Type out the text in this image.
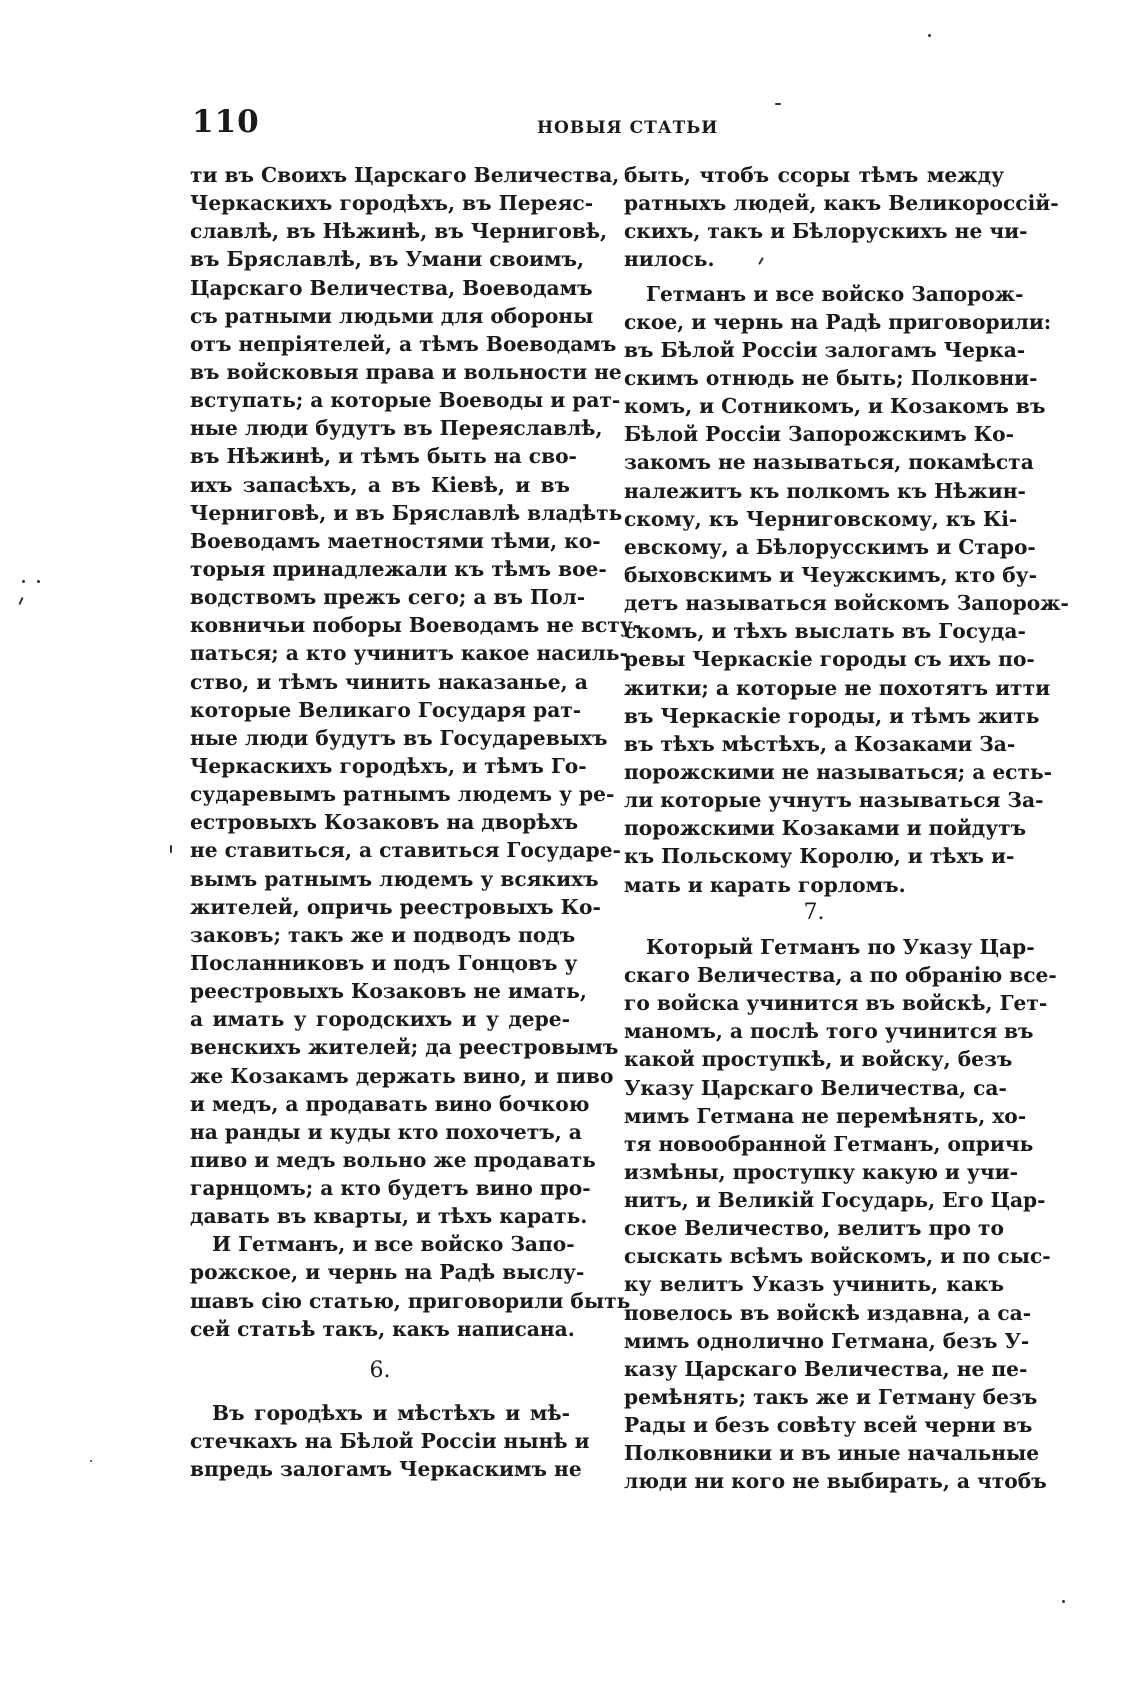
110	НОВЫЯ СТАТЬИ
ти въ Своихъ Царскаго Величества,
Черкаскихъ городѣхъ, въ Переяс-
славлѣ, въ Нѣжинѣ, въ Черниговѣ,
въ Бряславлѣ, въ Умани своимъ,
Царскаго Величества, Воеводамъ
съ ратными людьми для обороны
отъ непріятелей, а тѣмъ Воеводамъ
въ войсковыя права и вольности не
вступать; а которые Воеводы и рат-
ные люди будутъ въ Переяславлѣ,
въ Нѣжинѣ, и тѣмъ быть на сво-
ихъ запасѣхъ, а въ Кіевѣ, и въ
Черниговѣ, и въ Бряславлѣ владѣть
Воеводамъ маетностями тѣми, ко-
торыя принадлежали къ тѣмъ вое-
водствомъ прежъ сего; а въ Пол-
ковничьи поборы Воеводамъ не всту-
паться; а кто учинитъ какое насиль-
ство, и тѣмъ чинить наказанье, а
которые Великаго Государя рат-
ные люди будутъ въ Государевыхъ
Черкаскихъ городѣхъ, и тѣмъ Го-
сударевымъ ратнымъ людемъ у ре-
естровыхъ Козаковъ на дворѣхъ
не ставиться, а ставиться Государе-
вымъ ратнымъ людемъ у всякихъ
жителей, опричь реестровыхъ Ко-
заковъ; такъ же и подводъ подъ
Посланниковъ и подъ Гонцовъ у
реестровыхъ Козаковъ не имать,
а имать у городскихъ и у дере-
венскихъ жителей; да реестровымъ
же Козакамъ держать вино, и пиво
и медъ, а продавать вино бочкою
на ранды и куды кто похочетъ, а
пиво и медъ вольно же продавать
гарнцомъ; а кто будетъ вино про-
давать въ кварты, и тѣхъ карать.
И Гетманъ, и все войско Запо-
рожское, и чернь на Радѣ выслу-
шавъ сію статью, приговорили быть
сей статьѣ такъ, какъ написана.
6.
Въ городѣхъ и мѣстѣхъ и мѣ-
стечкахъ на Бѣлой Россіи нынѣ и
впредь залогамъ Черкаскимъ не
быть, чтобъ ссоры тѣмъ между
ратныхъ людей, какъ Великороссій-
скихъ, такъ и Бѣлорускихъ не чи-
нилось.
Гетманъ и все войско Запорож-
ское, и чернь на Радѣ приговорили:
въ Бѣлой Россіи залогамъ Черка-
скимъ отнюдь не быть; Полковни-
комъ, и Сотникомъ, и Козакомъ въ
Бѣлой Россіи Запорожскимъ Ко-
закомъ не называться, покамѣста
належитъ къ полкомъ къ Нѣжин-
скому, къ Черниговскому, къ Кі-
евскому, а Бѣлорусскимъ и Старо-
быховскимъ и Чеужскимъ, кто бу-
детъ называться войскомъ Запорож-
скомъ, и тѣхъ выслать въ Госуда-
ревы Черкаскіе городы съ ихъ по-
житки; а которые не похотятъ итти
въ Черкаскіе городы, и тѣмъ жить
въ тѣхъ мѣстѣхъ, а Козаками За-
порожскими не называться; а есть-
ли которые учнутъ называться За-
порожскими Козаками и пойдутъ
къ Польскому Королю, и тѣхъ и-
мать и карать горломъ.
7.
Который Гетманъ по Указу Цар-
скаго Величества, а по обранію все-
го войска учинится въ войскѣ, Гет-
маномъ, а послѣ того учинится въ
какой проступкѣ, и войску, безъ
Указу Царскаго Величества, са-
мимъ Гетмана не перемѣнять, хо-
тя новообранной Гетманъ, опричь
измѣны, проступку какую и учи-
нитъ, и Великій Государь, Его Цар-
ское Величество, велитъ про то
сыскать всѣмъ войскомъ, и по сыс-
ку велитъ Указъ учинить, какъ
повелось въ войскѣ издавна, а са-
мимъ однолично Гетмана, безъ У-
казу Царскаго Величества, не пе-
ремѣнять; такъ же и Гетману безъ
Рады и безъ совѣту всей черни въ
Полковники и въ иные начальные
люди ни кого не выбирать, а чтобъ
